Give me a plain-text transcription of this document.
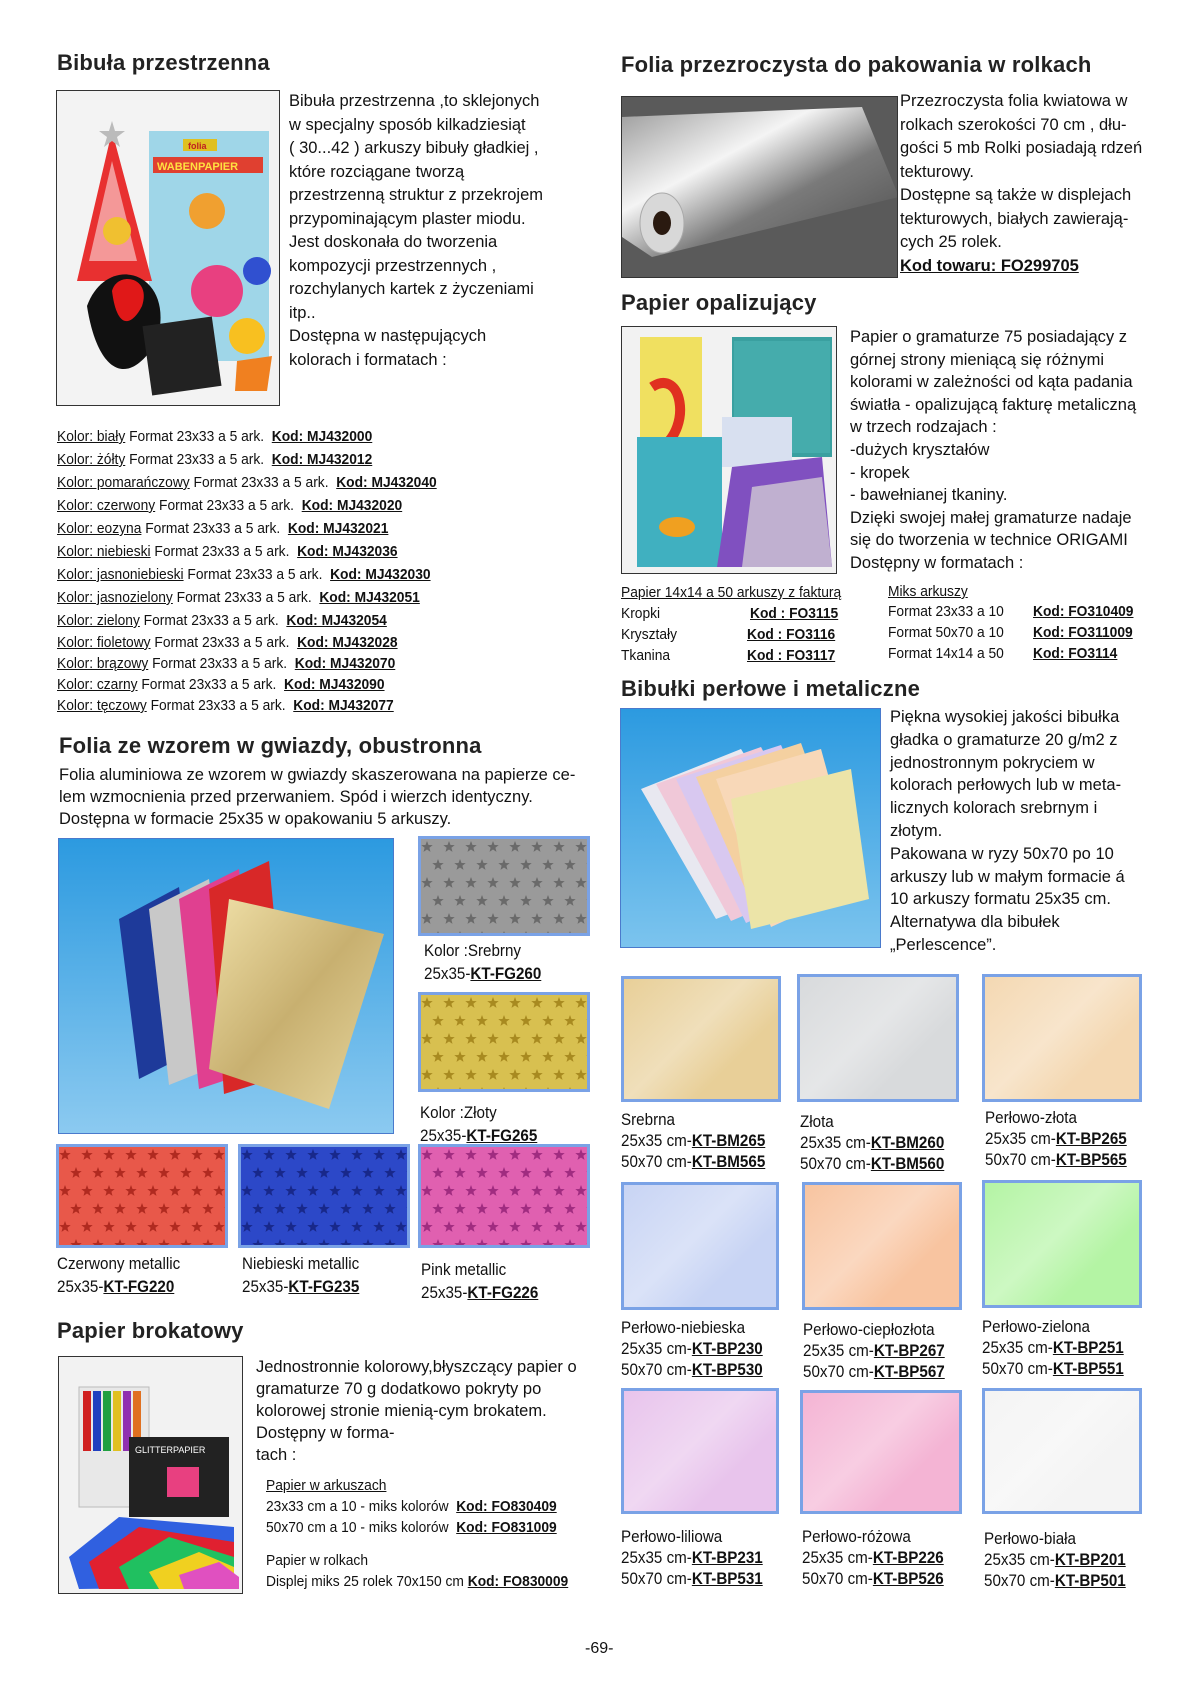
Bibuła przestrzenna
folia
WABENPAPIER

Bibuła przestrzenna ,to sklejonych

w specjalny sposób kilkadziesiąt

( 30...42 ) arkuszy bibuły gładkiej ,

które rozciągane tworzą

przestrzenną struktur z przekrojem

przypominającym plaster miodu.

Jest doskonała do tworzenia

kompozycji przestrzennych ,

rozchylanych kartek z życzeniami

itp..

Dostępna w następujących

kolorach i formatach :

Kolor: biały Format 23x33 a 5 ark. Kod: MJ432000
Kolor: żółty Format 23x33 a 5 ark. Kod: MJ432012
Kolor: pomarańczowy Format 23x33 a 5 ark. Kod: MJ432040
Kolor: czerwony Format 23x33 a 5 ark. Kod: MJ432020
Kolor: eozyna Format 23x33 a 5 ark. Kod: MJ432021
Kolor: niebieski Format 23x33 a 5 ark. Kod: MJ432036
Kolor: jasnoniebieski Format 23x33 a 5 ark. Kod: MJ432030
Kolor: jasnozielony Format 23x33 a 5 ark. Kod: MJ432051
Kolor: zielony Format 23x33 a 5 ark. Kod: MJ432054
Kolor: fioletowy Format 23x33 a 5 ark. Kod: MJ432028
Kolor: brązowy Format 23x33 a 5 ark. Kod: MJ432070
Kolor: czarny Format 23x33 a 5 ark. Kod: MJ432090
Kolor: tęczowy Format 23x33 a 5 ark. Kod: MJ432077
Folia ze wzorem w gwiazdy, obustronna

Folia aluminiowa ze wzorem w gwiazdy skaszerowana na papierze ce-

lem wzmocnienia przed przerwaniem. Spód i wierzch identyczny.

Dostępna w formacie 25x35 w opakowaniu 5 arkuszy.

Kolor :Srebrny
25x35-KT-FG260
Kolor :Złoty
25x35-KT-FG265
Czerwony metallic
25x35-KT-FG220
Niebieski metallic
25x35-KT-FG235
Pink metallic
25x35-KT-FG226
Papier brokatowy
GLITTERPAPIER

Jednostronnie kolorowy,błyszczący papier o

gramaturze 70 g dodatkowo pokryty po

kolorowej stronie mienią-cym brokatem.

Dostępny w forma-

tach :

Papier w arkuszach
23x33 cm a 10 - miks kolorów Kod: FO830409
50x70 cm a 10 - miks kolorów Kod: FO831009
Papier w rolkach
Displej miks 25 rolek 70x150 cm Kod: FO830009
Folia przezroczysta do pakowania w rolkach

Przezroczysta folia kwiatowa w

rolkach szerokości 70 cm , dłu-

gości 5 mb Rolki posiadają rdzeń

tekturowy.

Dostępne są także w displejach

tekturowych, białych zawierają-

cych 25 rolek.

Kod towaru: FO299705

Papier opalizujący

Papier o gramaturze 75 posiadający z

górnej strony mieniącą się różnymi

kolorami w zależności od kąta padania

światła - opalizującą fakturę metaliczną

w trzech rodzajach :

-dużych kryształów

- kropek

- bawełnianej tkaniny.

Dzięki swojej małej gramaturze nadaje

się do tworzenia w technice ORIGAMI

Dostępny w formatach :

Papier 14x14 a 50 arkuszy z fakturą
Kropki	Kod : FO3115
Kryształy	Kod : FO3116
Tkanina	Kod : FO3117
Miks arkuszy
Format 23x33 a 10 Kod: FO310409
Format 50x70 a 10 Kod: FO311009
Format 14x14 a 50 Kod: FO3114
Bibułki perłowe i metaliczne

Piękna wysokiej jakości bibułka

gładka o gramaturze 20 g/m2 z

jednostronnym pokryciem w

kolorach perłowych lub w meta-

licznych kolorach srebrnym i

złotym.

Pakowana w ryzy 50x70 po 10

arkuszy lub w małym formacie á

10 arkuszy formatu 25x35 cm.

Alternatywa dla bibułek

„Perlescence”.

Srebrna
25x35 cm-KT-BM265
50x70 cm-KT-BM565
Złota
25x35 cm-KT-BM260
50x70 cm-KT-BM560
Perłowo-złota
25x35 cm-KT-BP265
50x70 cm-KT-BP565
Perłowo-niebieska
25x35 cm-KT-BP230
50x70 cm-KT-BP530
Perłowo-ciepłozłota
25x35 cm-KT-BP267
50x70 cm-KT-BP567
Perłowo-zielona
25x35 cm-KT-BP251
50x70 cm-KT-BP551
Perłowo-liliowa
25x35 cm-KT-BP231
50x70 cm-KT-BP531
Perłowo-różowa
25x35 cm-KT-BP226
50x70 cm-KT-BP526
Perłowo-biała
25x35 cm-KT-BP201
50x70 cm-KT-BP501
-69-
